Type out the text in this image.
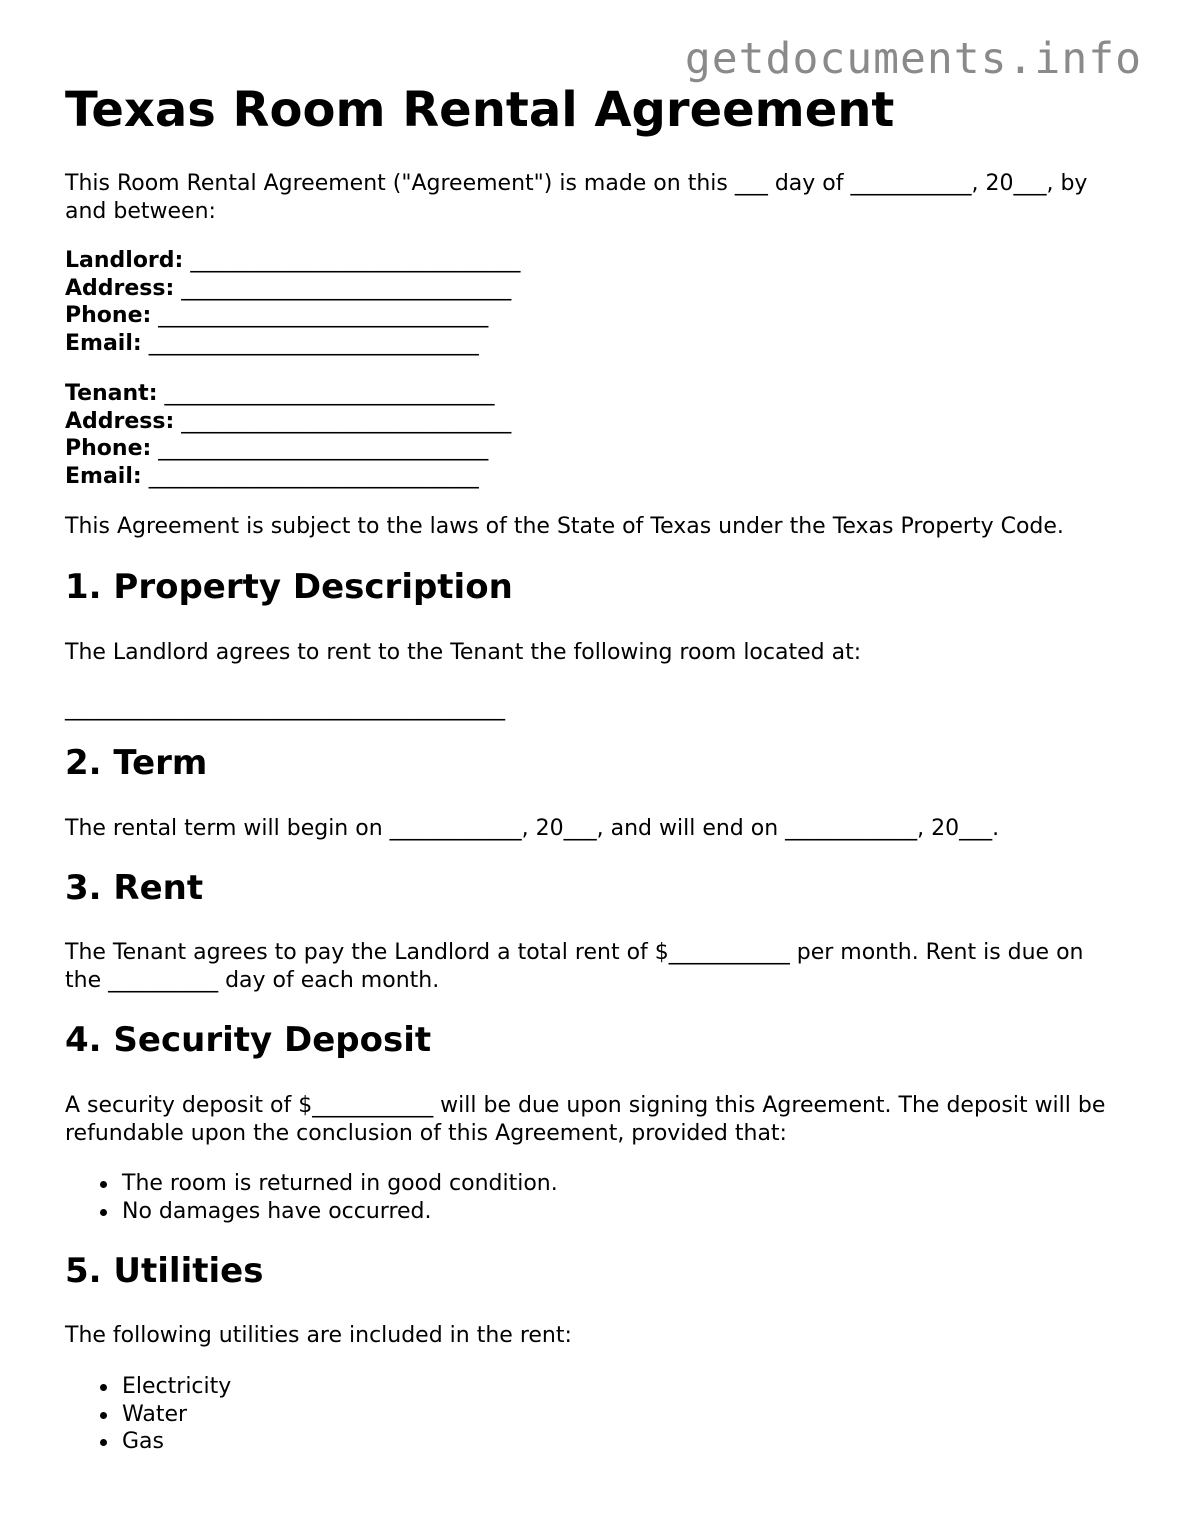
getdocuments.info
Texas Room Rental Agreement

This Room Rental Agreement ("Agreement") is made on this ___ day of ___________, 20___, by and between:

Landlord: ______________________________
Address: ______________________________
Phone: ______________________________
Email: ______________________________
Tenant: ______________________________
Address: ______________________________
Phone: ______________________________
Email: ______________________________

This Agreement is subject to the laws of the State of Texas under the Texas Property Code.

1. Property Description

The Landlord agrees to rent to the Tenant the following room located at:

________________________________________

2. Term

The rental term will begin on ____________, 20___, and will end on ____________, 20___.

3. Rent

The Tenant agrees to pay the Landlord a total rent of $___________ per month. Rent is due on the __________ day of each month.

4. Security Deposit

A security deposit of $___________ will be due upon signing this Agreement. The deposit will be refundable upon the conclusion of this Agreement, provided that:

The room is returned in good condition.
No damages have occurred.
5. Utilities

The following utilities are included in the rent:

Electricity
Water
Gas
